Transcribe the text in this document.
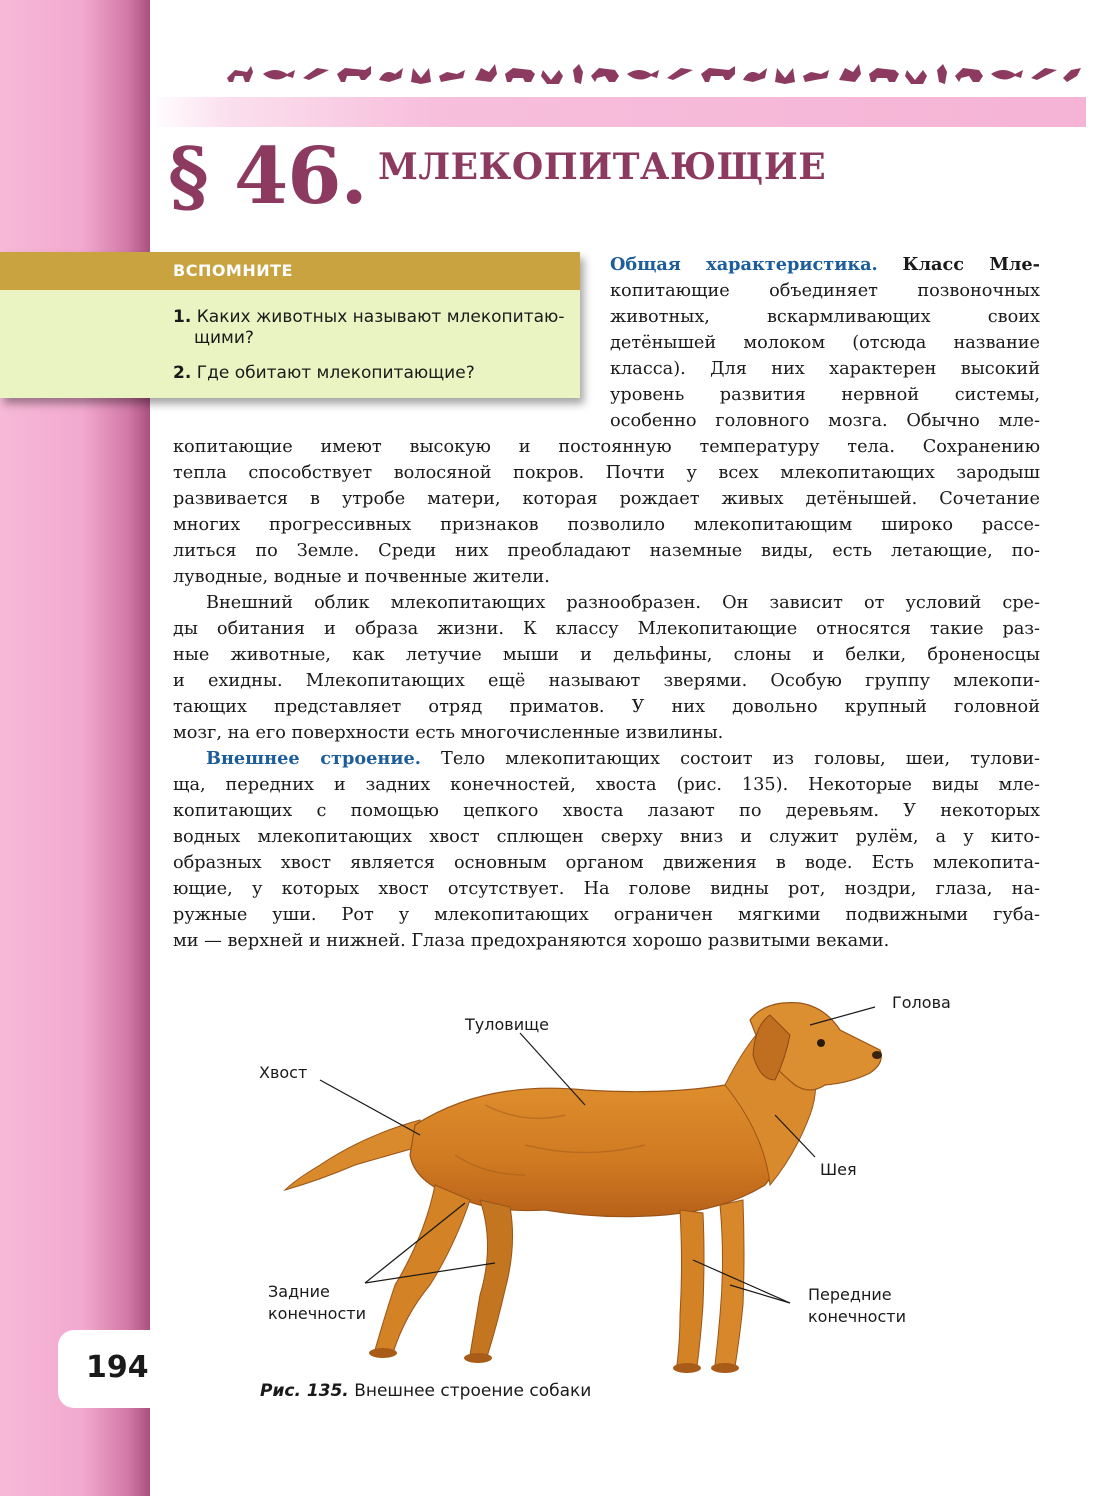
§ 46. МЛЕКОПИТАЮЩИЕ
ВСПОМНИТЕ
1. Каких животных называют млекопитаю-
щими?
2. Где обитают млекопитающие?
Общая характеристика. Класс Мле-
копитающие объединяет позвоночных
животных, вскармливающих своих
детёнышей молоком (отсюда название
класса). Для них характерен высокий
уровень развития нервной системы,
особенно головного мозга. Обычно мле-
копитающие имеют высокую и постоянную температуру тела. Сохранению
тепла способствует волосяной покров. Почти у всех млекопитающих зародыш
развивается в утробе матери, которая рождает живых детёнышей. Сочетание
многих прогрессивных признаков позволило млекопитающим широко рассе-
литься по Земле. Среди них преобладают наземные виды, есть летающие, по-
луводные, водные и почвенные жители.
Внешний облик млекопитающих разнообразен. Он зависит от условий сре-
ды обитания и образа жизни. К классу Млекопитающие относятся такие раз-
ные животные, как летучие мыши и дельфины, слоны и белки, броненосцы
и ехидны. Млекопитающих ещё называют зверями. Особую группу млекопи-
тающих представляет отряд приматов. У них довольно крупный головной
мозг, на его поверхности есть многочисленные извилины.
Внешнее строение. Тело млекопитающих состоит из головы, шеи, тулови-
ща, передних и задних конечностей, хвоста (рис. 135). Некоторые виды мле-
копитающих с помощью цепкого хвоста лазают по деревьям. У некоторых
водных млекопитающих хвост сплющен сверху вниз и служит рулём, а у кито-
образных хвост является основным органом движения в воде. Есть млекопита-
ющие, у которых хвост отсутствует. На голове видны рот, ноздри, глаза, на-
ружные уши. Рот у млекопитающих ограничен мягкими подвижными губа-
ми — верхней и нижней. Глаза предохраняются хорошо развитыми веками.
Голова
Туловище
Хвост
Шея
Задние
конечности
Передние
конечности
Рис. 135. Внешнее строение собаки
194
